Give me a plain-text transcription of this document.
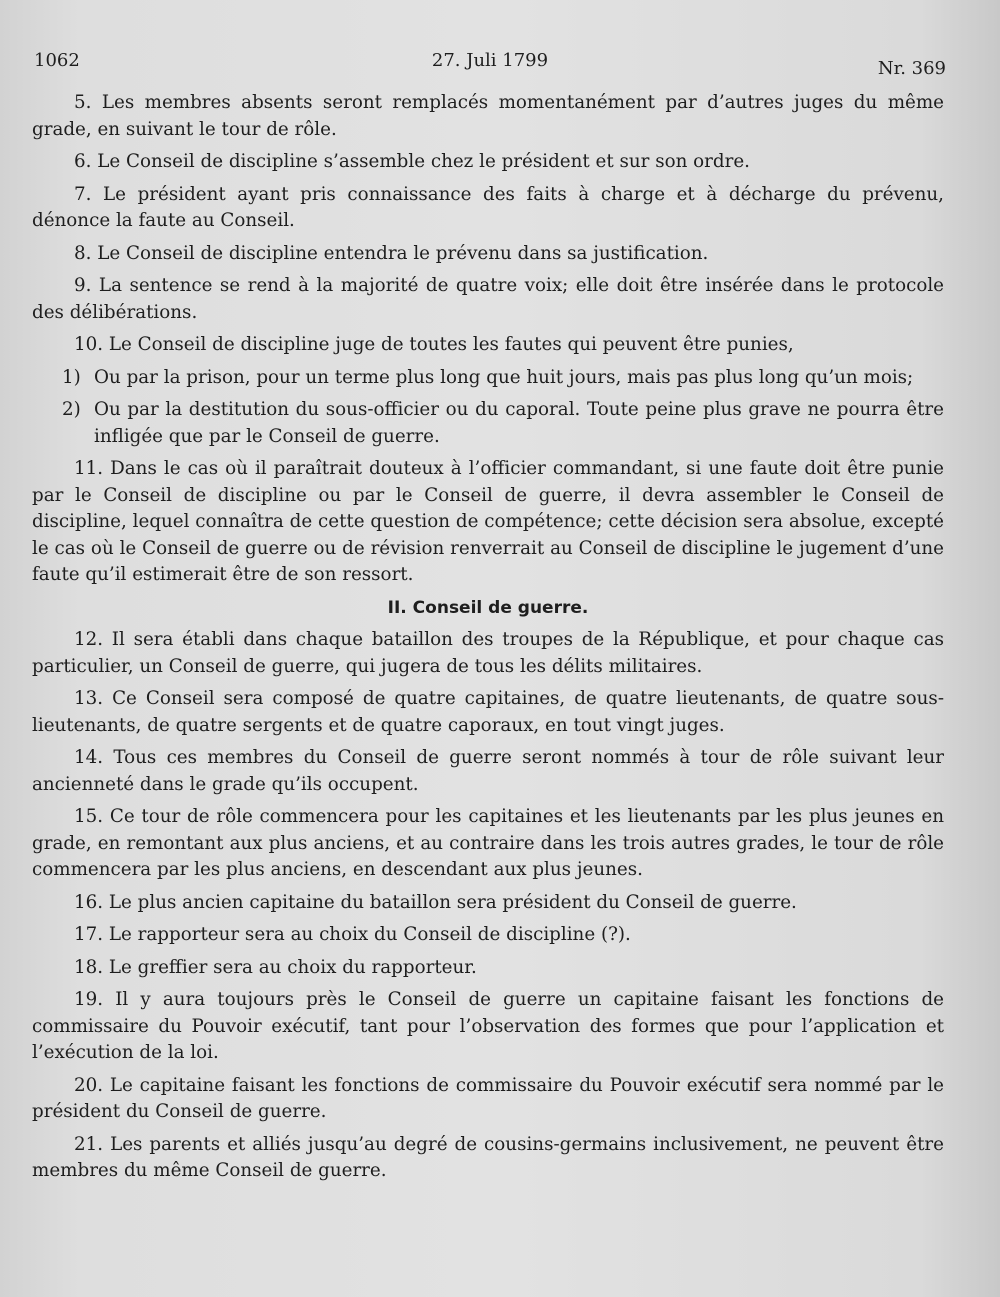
1062	27. Juli 1799	Nr. 369

5. Les membres absents seront remplacés momentanément par d’autres juges du même grade, en suivant le tour de rôle.

6. Le Conseil de discipline s’assemble chez le président et sur son ordre.

7. Le président ayant pris connaissance des faits à charge et à décharge du prévenu, dénonce la faute au Conseil.

8. Le Conseil de discipline entendra le prévenu dans sa justification.

9. La sentence se rend à la majorité de quatre voix; elle doit être insérée dans le protocole des délibérations.

10. Le Conseil de discipline juge de toutes les fautes qui peuvent être punies,

1) Ou par la prison, pour un terme plus long que huit jours, mais pas plus long qu’un mois;
2) Ou par la destitution du sous-officier ou du caporal. Toute peine plus grave ne pourra être infligée que par le Conseil de guerre.

11. Dans le cas où il paraîtrait douteux à l’officier commandant, si une faute doit être punie par le Conseil de discipline ou par le Conseil de guerre, il devra assembler le Conseil de discipline, lequel connaîtra de cette question de compétence; cette décision sera absolue, excepté le cas où le Conseil de guerre ou de révision renverrait au Conseil de discipline le jugement d’une faute qu’il estimerait être de son ressort.

II. Conseil de guerre.

12. Il sera établi dans chaque bataillon des troupes de la République, et pour chaque cas particulier, un Conseil de guerre, qui jugera de tous les délits militaires.

13. Ce Conseil sera composé de quatre capitaines, de quatre lieutenants, de quatre sous-lieutenants, de quatre sergents et de quatre caporaux, en tout vingt juges.

14. Tous ces membres du Conseil de guerre seront nommés à tour de rôle suivant leur ancienneté dans le grade qu’ils occupent.

15. Ce tour de rôle commencera pour les capitaines et les lieutenants par les plus jeunes en grade, en remontant aux plus anciens, et au contraire dans les trois autres grades, le tour de rôle commencera par les plus anciens, en descendant aux plus jeunes.

16. Le plus ancien capitaine du bataillon sera président du Conseil de guerre.

17. Le rapporteur sera au choix du Conseil de discipline (?).

18. Le greffier sera au choix du rapporteur.

19. Il y aura toujours près le Conseil de guerre un capitaine faisant les fonctions de commissaire du Pouvoir exécutif, tant pour l’observation des formes que pour l’application et l’exécution de la loi.

20. Le capitaine faisant les fonctions de commissaire du Pouvoir exécutif sera nommé par le président du Conseil de guerre.

21. Les parents et alliés jusqu’au degré de cousins-germains inclusivement, ne peuvent être membres du même Conseil de guerre.
